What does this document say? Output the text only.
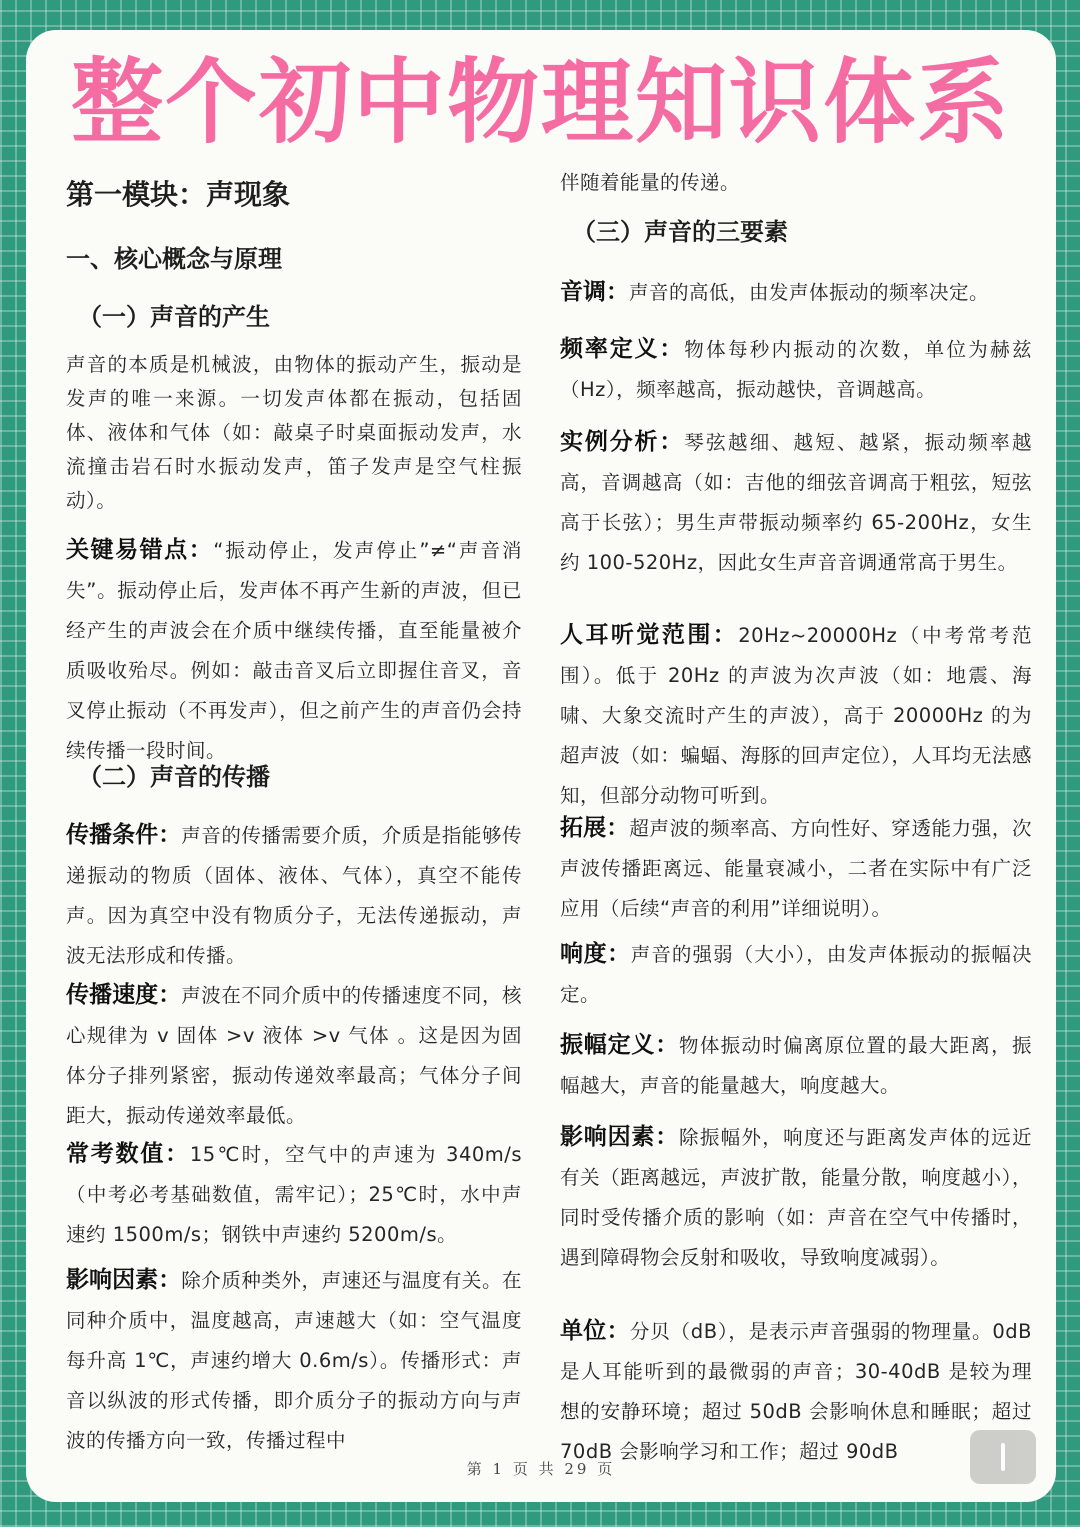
整个初中物理知识体系
第一模块：声现象
一、核心概念与原理
（一）声音的产生

声音的本质是机械波，由物体的振动产生，振动是发声的唯一来源。一切发声体都在振动，包括固体、液体和气体（如：敲桌子时桌面振动发声，水流撞击岩石时水振动发声，笛子发声是空气柱振动）。

关键易错点：“振动停止，发声停止”≠“声音消失”。振动停止后，发声体不再产生新的声波，但已经产生的声波会在介质中继续传播，直至能量被介质吸收殆尽。例如：敲击音叉后立即握住音叉，音叉停止振动（不再发声），但之前产生的声音仍会持续传播一段时间。

（二）声音的传播

传播条件：声音的传播需要介质，介质是指能够传递振动的物质（固体、液体、气体），真空不能传声。因为真空中没有物质分子，无法传递振动，声波无法形成和传播。

传播速度：声波在不同介质中的传播速度不同，核心规律为 v 固体 >v 液体 >v 气体 。这是因为固体分子排列紧密，振动传递效率最高；气体分子间距大，振动传递效率最低。

常考数值：15℃时，空气中的声速为 340m/s（中考必考基础数值，需牢记）；25℃时，水中声速约 1500m/s；钢铁中声速约 5200m/s。

影响因素：除介质种类外，声速还与温度有关。在同种介质中，温度越高，声速越大（如：空气温度每升高 1℃，声速约增大 0.6m/s）。传播形式：声音以纵波的形式传播，即介质分子的振动方向与声波的传播方向一致，传播过程中

伴随着能量的传递。

（三）声音的三要素

音调：声音的高低，由发声体振动的频率决定。

频率定义：物体每秒内振动的次数，单位为赫兹（Hz），频率越高，振动越快，音调越高。

实例分析：琴弦越细、越短、越紧，振动频率越高，音调越高（如：吉他的细弦音调高于粗弦，短弦高于长弦）；男生声带振动频率约 65-200Hz，女生约 100-520Hz，因此女生声音音调通常高于男生。

人耳听觉范围：20Hz~20000Hz（中考常考范围）。低于 20Hz 的声波为次声波（如：地震、海啸、大象交流时产生的声波），高于 20000Hz 的为超声波（如：蝙蝠、海豚的回声定位），人耳均无法感知，但部分动物可听到。

拓展：超声波的频率高、方向性好、穿透能力强，次声波传播距离远、能量衰减小，二者在实际中有广泛应用（后续“声音的利用”详细说明）。

响度：声音的强弱（大小），由发声体振动的振幅决定。

振幅定义：物体振动时偏离原位置的最大距离，振幅越大，声音的能量越大，响度越大。

影响因素：除振幅外，响度还与距离发声体的远近有关（距离越远，声波扩散，能量分散，响度越小），同时受传播介质的影响（如：声音在空气中传播时，遇到障碍物会反射和吸收，导致响度减弱）。

单位：分贝（dB），是表示声音强弱的物理量。0dB 是人耳能听到的最微弱的声音；30-40dB 是较为理想的安静环境；超过 50dB 会影响休息和睡眠；超过 70dB 会影响学习和工作；超过 90dB

第 1 页 共 29 页
